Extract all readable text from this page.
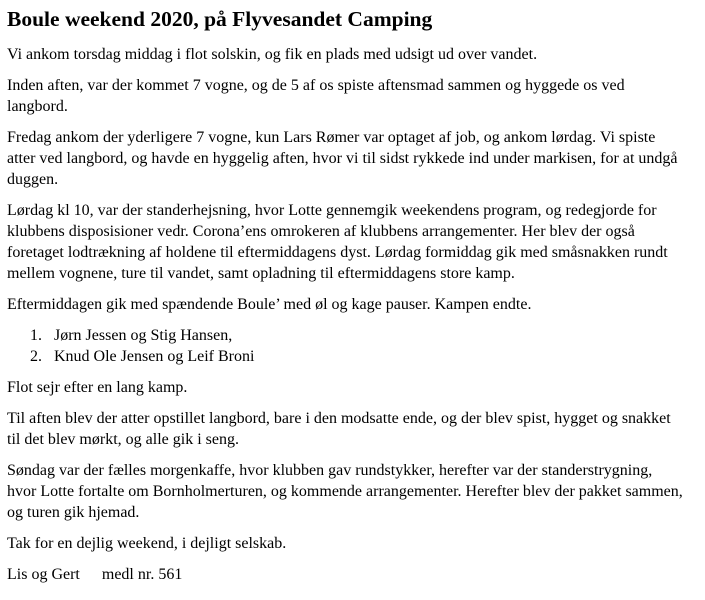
Boule weekend 2020, på Flyvesandet Camping

Vi ankom torsdag middag i flot solskin, og fik en plads med udsigt ud over vandet.

Inden aften, var der kommet 7 vogne, og de 5 af os spiste aftensmad sammen og hyggede os ved langbord.

Fredag ankom der yderligere 7 vogne, kun Lars Rømer var optaget af job, og ankom lørdag. Vi spiste atter ved langbord, og havde en hyggelig aften, hvor vi til sidst rykkede ind under markisen, for at undgå duggen.

Lørdag kl 10, var der standerhejsning, hvor Lotte gennemgik weekendens program, og redegjorde for klubbens disposisioner vedr. Corona’ens omrokeren af klubbens arrangementer. Her blev der også foretaget lodtrækning af holdene til eftermiddagens dyst. Lørdag formiddag gik med småsnakken rundt mellem vognene, ture til vandet, samt opladning til eftermiddagens store kamp.

Eftermiddagen gik med spændende Boule’ med øl og kage pauser. Kampen endte.

1. Jørn Jessen og Stig Hansen,
2. Knud Ole Jensen og Leif Broni

Flot sejr efter en lang kamp.

Til aften blev der atter opstillet langbord, bare i den modsatte ende, og der blev spist, hygget og snakket til det blev mørkt, og alle gik i seng.

Søndag var der fælles morgenkaffe, hvor klubben gav rundstykker, herefter var der standerstrygning, hvor Lotte fortalte om Bornholmerturen, og kommende arrangementer. Herefter blev der pakket sammen, og turen gik hjemad.

Tak for en dejlig weekend, i dejligt selskab.

Lis og Gert medl nr. 561
